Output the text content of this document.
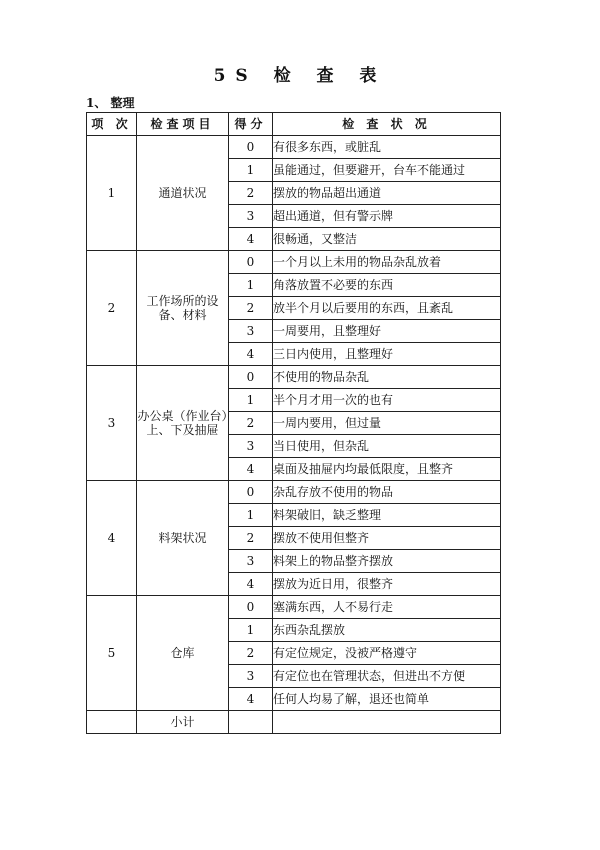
5S 检 查 表
1、 整理
项 次	检查项目	得分	检 查 状 况
1	通道状况	0	有很多东西，或脏乱
		1	虽能通过，但要避开，台车不能通过
		2	摆放的物品超出通道
		3	超出通道，但有警示牌
		4	很畅通，又整洁
2	工作场所的设备、材料	0	一个月以上未用的物品杂乱放着
		1	角落放置不必要的东西
		2	放半个月以后要用的东西，且紊乱
		3	一周要用，且整理好
		4	三日内使用，且整理好
3	办公桌（作业台）上、下及抽屉	0	不使用的物品杂乱
		1	半个月才用一次的也有
		2	一周内要用，但过量
		3	当日使用，但杂乱
		4	桌面及抽屉内均最低限度，且整齐
4	料架状况	0	杂乱存放不使用的物品
		1	料架破旧，缺乏整理
		2	摆放不使用但整齐
		3	料架上的物品整齐摆放
		4	摆放为近日用，很整齐
5	仓库	0	塞满东西，人不易行走
		1	东西杂乱摆放
		2	有定位规定，没被严格遵守
		3	有定位也在管理状态，但进出不方便
		4	任何人均易了解，退还也简单
	小计		
